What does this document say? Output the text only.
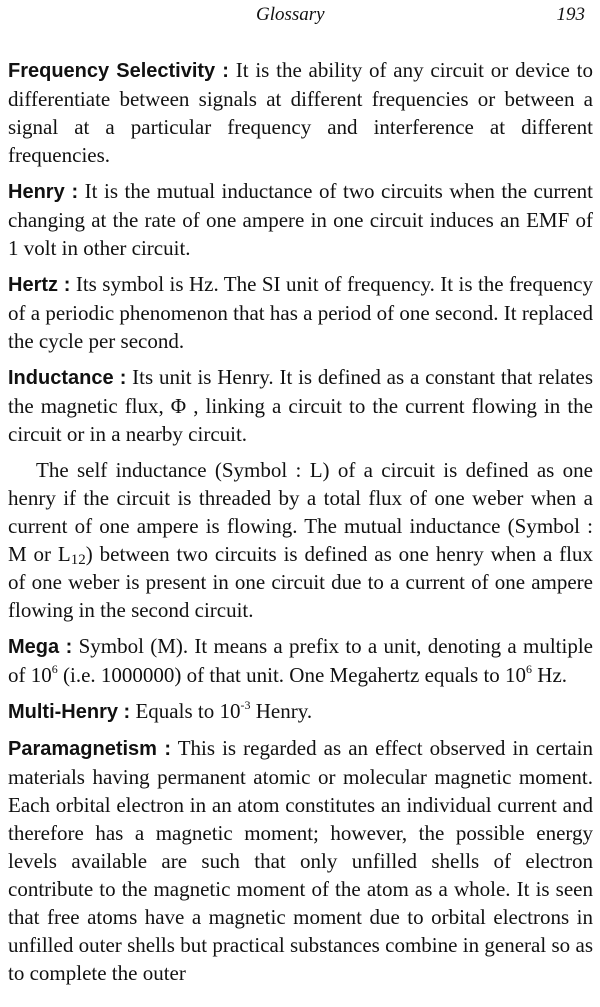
Glossary	193

Frequency Selectivity : It is the ability of any circuit or device to differentiate between signals at different frequencies or between a signal at a particular frequency and interference at different frequencies.

Henry : It is the mutual inductance of two circuits when the current changing at the rate of one ampere in one circuit induces an EMF of 1 volt in other circuit.

Hertz : Its symbol is Hz. The SI unit of frequency. It is the frequency of a periodic phenomenon that has a period of one second. It replaced the cycle per second.

Inductance : Its unit is Henry. It is defined as a constant that relates the magnetic flux, Φ , linking a circuit to the current flowing in the circuit or in a nearby circuit.

The self inductance (Symbol : L) of a circuit is defined as one henry if the circuit is threaded by a total flux of one weber when a current of one ampere is flowing. The mutual inductance (Symbol : M or $L_{12}$) between two circuits is defined as one henry when a flux of one weber is present in one circuit due to a current of one ampere flowing in the second circuit.

Mega : Symbol (M). It means a prefix to a unit, denoting a multiple of $10^6$ (i.e. 1000000) of that unit. One Megahertz equals to $10^6$ Hz.

Multi-Henry : Equals to $10^{-3}$ Henry.

Paramagnetism : This is regarded as an effect observed in certain materials having permanent atomic or molecular magnetic moment. Each orbital electron in an atom constitutes an individual current and therefore has a magnetic moment; however, the possible energy levels available are such that only unfilled shells of electron contribute to the magnetic moment of the atom as a whole. It is seen that free atoms have a magnetic moment due to orbital electrons in unfilled outer shells but practical substances combine in general so as to complete the outer
